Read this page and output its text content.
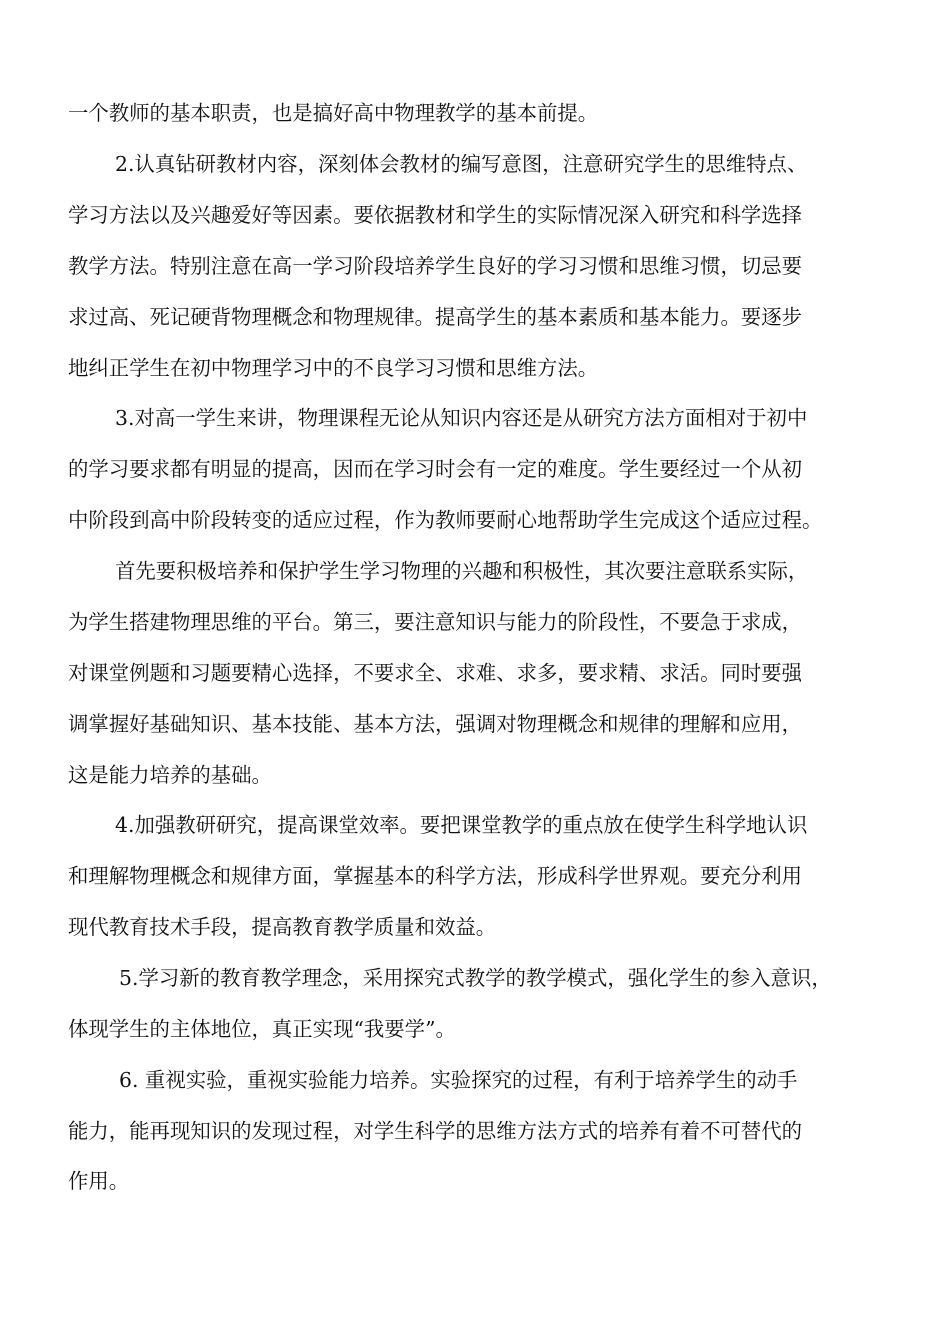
一个教师的基本职责，也是搞好高中物理教学的基本前提。
2.认真钻研教材内容，深刻体会教材的编写意图，注意研究学生的思维特点、
学习方法以及兴趣爱好等因素。要依据教材和学生的实际情况深入研究和科学选择
教学方法。特别注意在高一学习阶段培养学生良好的学习习惯和思维习惯，切忌要
求过高、死记硬背物理概念和物理规律。提高学生的基本素质和基本能力。要逐步
地纠正学生在初中物理学习中的不良学习习惯和思维方法。
3.对高一学生来讲，物理课程无论从知识内容还是从研究方法方面相对于初中
的学习要求都有明显的提高，因而在学习时会有一定的难度。学生要经过一个从初
中阶段到高中阶段转变的适应过程，作为教师要耐心地帮助学生完成这个适应过程。
首先要积极培养和保护学生学习物理的兴趣和积极性，其次要注意联系实际，
为学生搭建物理思维的平台。第三，要注意知识与能力的阶段性，不要急于求成，
对课堂例题和习题要精心选择，不要求全、求难、求多，要求精、求活。同时要强
调掌握好基础知识、基本技能、基本方法，强调对物理概念和规律的理解和应用，
这是能力培养的基础。
4.加强教研研究，提高课堂效率。要把课堂教学的重点放在使学生科学地认识
和理解物理概念和规律方面，掌握基本的科学方法，形成科学世界观。要充分利用
现代教育技术手段，提高教育教学质量和效益。
5.学习新的教育教学理念，采用探究式教学的教学模式，强化学生的参入意识，
体现学生的主体地位，真正实现“我要学”。
6. 重视实验，重视实验能力培养。实验探究的过程，有利于培养学生的动手
能力，能再现知识的发现过程，对学生科学的思维方法方式的培养有着不可替代的
作用。
